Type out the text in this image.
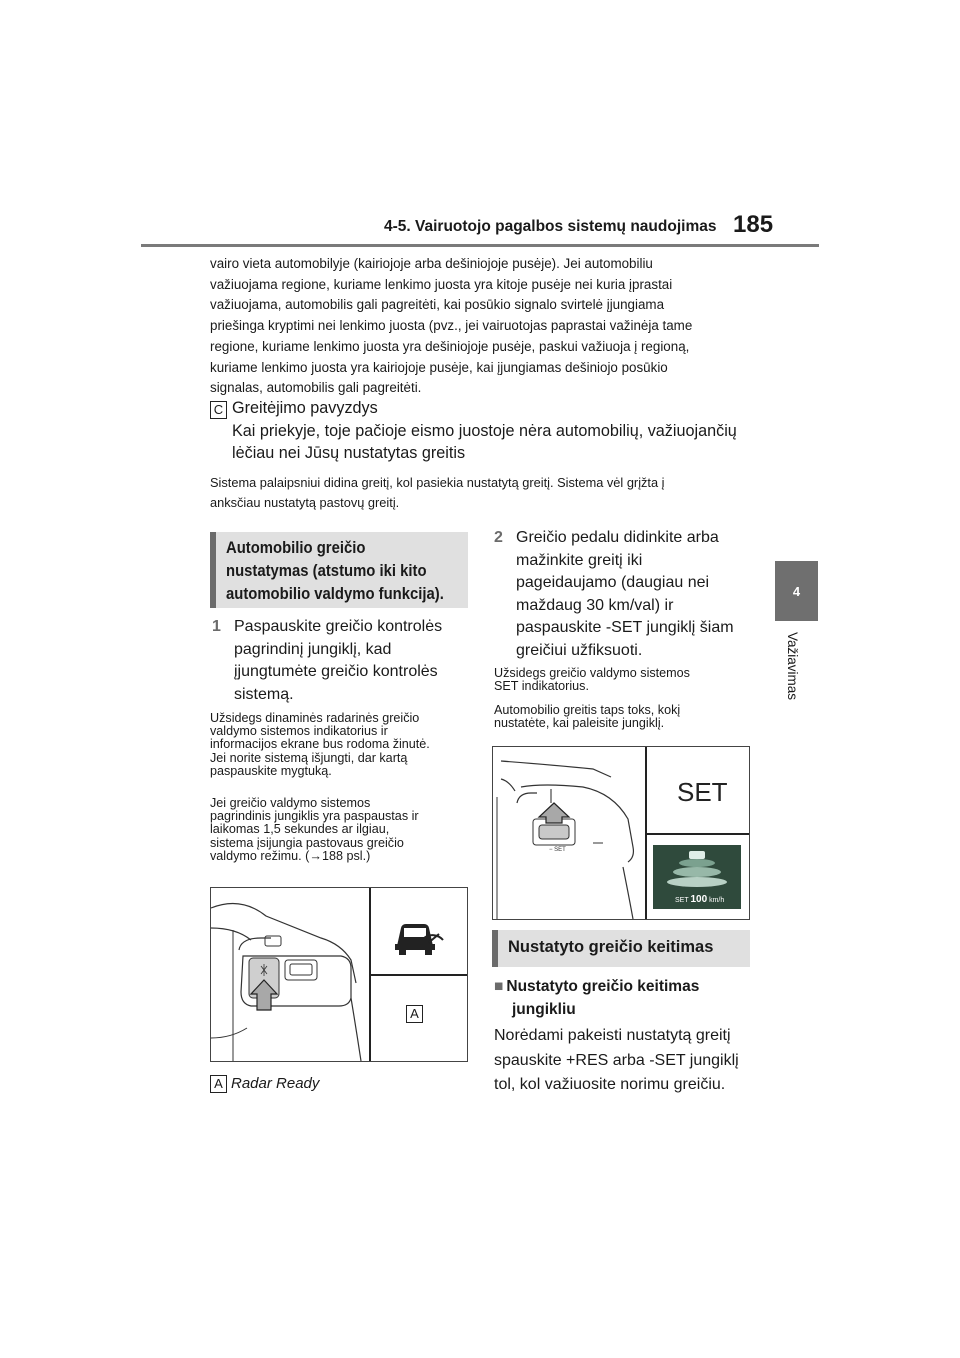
4-5. Vairuotojo pagalbos sistemų naudojimas 185
4
Važiavimas
vairo vieta automobilyje (kairiojoje arba dešiniojoje pusėje). Jei automobiliu
važiuojama regione, kuriame lenkimo juosta yra kitoje pusėje nei kuria įprastai
važiuojama, automobilis gali pagreitėti, kai posūkio signalo svirtelė įjungiama
priešinga kryptimi nei lenkimo juosta (pvz., jei vairuotojas paprastai važinėja tame
regione, kuriame lenkimo juosta yra dešiniojoje pusėje, paskui važiuoja į regioną,
kuriame lenkimo juosta yra kairiojoje pusėje, kai įjungiamas dešiniojo posūkio
signalas, automobilis gali pagreitėti.
C Greitėjimo pavyzdys
Kai priekyje, toje pačioje eismo juostoje nėra automobilių, važiuojančių
lėčiau nei Jūsų nustatytas greitis
Sistema palaipsniui didina greitį, kol pasiekia nustatytą greitį. Sistema vėl grįžta į
anksčiau nustatytą pastovų greitį.
Automobilio greičio
nustatymas (atstumo iki kito
automobilio valdymo funkcija).
1 Paspauskite greičio kontrolės
pagrindinį jungiklį, kad
įjungtumėte greičio kontrolės
sistemą.
Užsidegs dinaminės radarinės greičio
valdymo sistemos indikatorius ir
informacijos ekrane bus rodoma žinutė.
Jei norite sistemą išjungti, dar kartą
paspauskite mygtuką.
Jei greičio valdymo sistemos
pagrindinis jungiklis yra paspaustas ir
laikomas 1,5 sekundes ar ilgiau,
sistema įsijungia pastovaus greičio
valdymo režimu. (→188 psl.)
A
A Radar Ready
2 Greičio pedalu didinkite arba
mažinkite greitį iki
pageidaujamo (daugiau nei
maždaug 30 km/val) ir
paspauskite -SET jungiklį šiam
greičiui užfiksuoti.
Užsidegs greičio valdymo sistemos
SET indikatorius.
Automobilio greitis taps toks, kokį
nustatėte, kai paleisite jungiklį.
− SET
SET
SET 100 km/h
Nustatyto greičio keitimas
■ Nustatyto greičio keitimas
jungikliu
Norėdami pakeisti nustatytą greitį
spauskite +RES arba -SET jungiklį
tol, kol važiuosite norimu greičiu.
